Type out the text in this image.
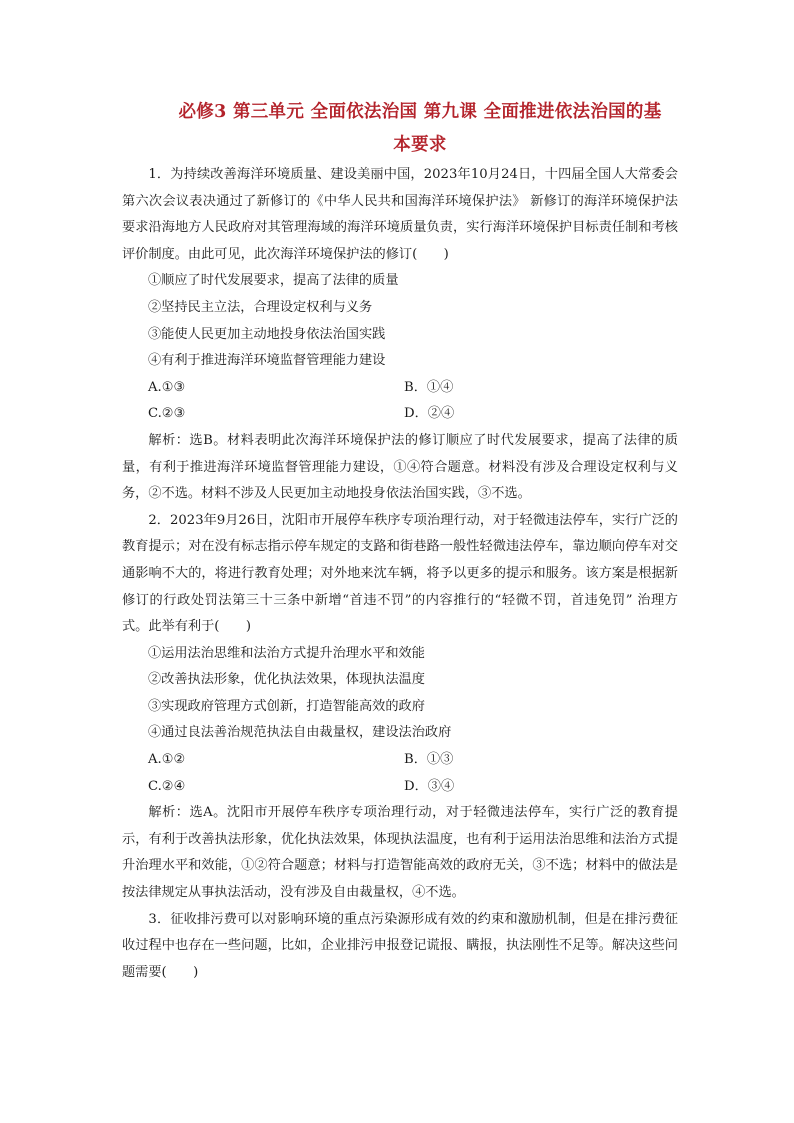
必修3 第三单元 全面依法治国 第九课 全面推进依法治国的基
本要求

1．为持续改善海洋环境质量、建设美丽中国，2023年10月24日，十四届全国人大常委会第六次会议表决通过了新修订的《中华人民共和国海洋环境保护法》 新修订的海洋环境保护法要求沿海地方人民政府对其管理海域的海洋环境质量负责，实行海洋环境保护目标责任制和考核评价制度。由此可见，此次海洋环境保护法的修订(　　)

①顺应了时代发展要求，提高了法律的质量

②坚持民主立法，合理设定权利与义务

③能使人民更加主动地投身依法治国实践

④有利于推进海洋环境监督管理能力建设

A.①③	B．①④
C.②③	D．②④

解析：选B。材料表明此次海洋环境保护法的修订顺应了时代发展要求，提高了法律的质量，有利于推进海洋环境监督管理能力建设，①④符合题意。材料没有涉及合理设定权利与义务，②不选。材料不涉及人民更加主动地投身依法治国实践，③不选。

2．2023年9月26日，沈阳市开展停车秩序专项治理行动，对于轻微违法停车，实行广泛的教育提示；对在没有标志指示停车规定的支路和街巷路一般性轻微违法停车，靠边顺向停车对交通影响不大的，将进行教育处理；对外地来沈车辆，将予以更多的提示和服务。该方案是根据新修订的行政处罚法第三十三条中新增“首违不罚”的内容推行的“轻微不罚，首违免罚” 治理方式。此举有利于(　　)

①运用法治思维和法治方式提升治理水平和效能

②改善执法形象，优化执法效果，体现执法温度

③实现政府管理方式创新，打造智能高效的政府

④通过良法善治规范执法自由裁量权，建设法治政府

A.①②	B．①③
C.②④	D．③④

解析：选A。沈阳市开展停车秩序专项治理行动，对于轻微违法停车，实行广泛的教育提示，有利于改善执法形象，优化执法效果，体现执法温度，也有利于运用法治思维和法治方式提升治理水平和效能，①②符合题意；材料与打造智能高效的政府无关，③不选；材料中的做法是按法律规定从事执法活动，没有涉及自由裁量权，④不选。

3．征收排污费可以对影响环境的重点污染源形成有效的约束和激励机制，但是在排污费征收过程中也存在一些问题，比如，企业排污申报登记谎报、瞒报，执法刚性不足等。解决这些问题需要(　　)
